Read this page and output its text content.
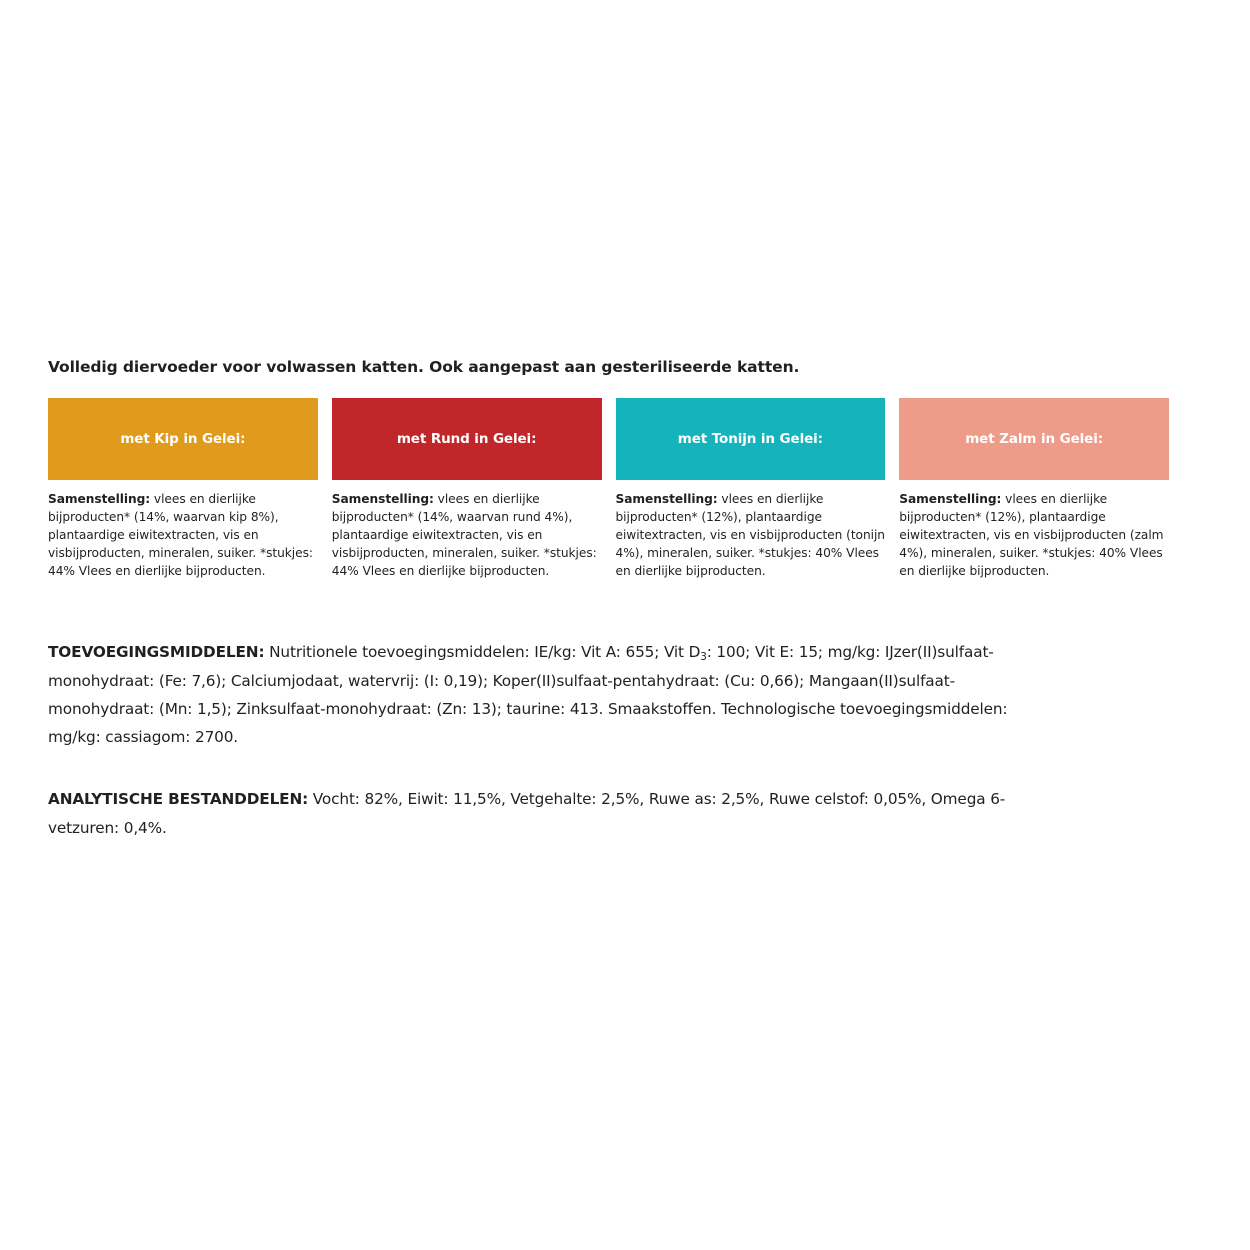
Volledig diervoeder voor volwassen katten. Ook aangepast aan gesteriliseerde katten.

met Kip in Gelei:
Samenstelling: vlees en dierlijke bijproducten* (14%, waarvan kip 8%), plantaardige eiwitextracten, vis en visbijproducten, mineralen, suiker. *stukjes: 44% Vlees en dierlijke bijproducten.
met Rund in Gelei:
Samenstelling: vlees en dierlijke bijproducten* (14%, waarvan rund 4%), plantaardige eiwitextracten, vis en visbijproducten, mineralen, suiker. *stukjes: 44% Vlees en dierlijke bijproducten.
met Tonijn in Gelei:
Samenstelling: vlees en dierlijke bijproducten* (12%), plantaardige eiwitextracten, vis en visbijproducten (tonijn 4%), mineralen, suiker. *stukjes: 40% Vlees en dierlijke bijproducten.
met Zalm in Gelei:
Samenstelling: vlees en dierlijke bijproducten* (12%), plantaardige eiwitextracten, vis en visbijproducten (zalm 4%), mineralen, suiker. *stukjes: 40% Vlees en dierlijke bijproducten.
TOEVOEGINGSMIDDELEN: Nutritionele toevoegingsmiddelen: IE/kg: Vit A: 655; Vit $D_3$: 100; Vit E: 15; mg/kg: IJzer(II)sulfaat-monohydraat: (Fe: 7,6); Calciumjodaat, watervrij: (I: 0,19); Koper(II)sulfaat-pentahydraat: (Cu: 0,66); Mangaan(II)sulfaat-monohydraat: (Mn: 1,5); Zinksulfaat-monohydraat: (Zn: 13); taurine: 413. Smaakstoffen. Technologische toevoegingsmiddelen: mg/kg: cassiagom: 2700.
ANALYTISCHE BESTANDDELEN: Vocht: 82%, Eiwit: 11,5%, Vetgehalte: 2,5%, Ruwe as: 2,5%, Ruwe celstof: 0,05%, Omega 6-vetzuren: 0,4%.
